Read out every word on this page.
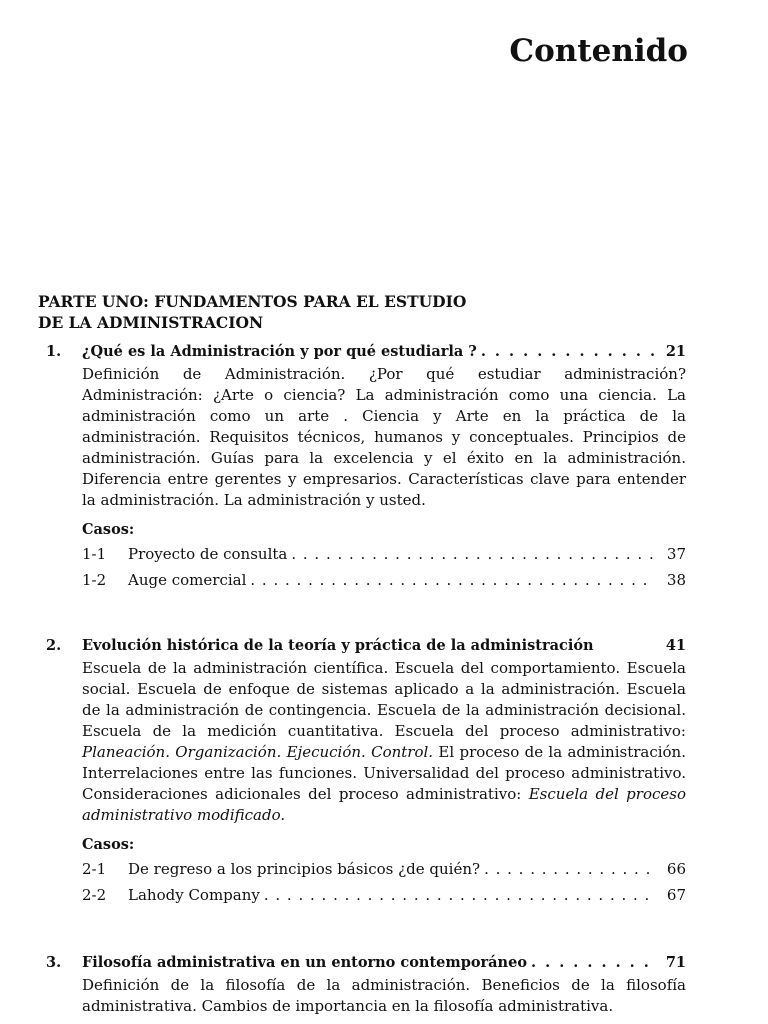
Contenido
PARTE UNO: FUNDAMENTOS PARA EL ESTUDIO
DE LA ADMINISTRACION
1.	¿Qué es la Administración y por qué estudiarla ? . . .	21

Definición de Administración. ¿Por qué estudiar administración? Administración: ¿Arte o ciencia? La administración como una ciencia. La administración como un arte . Ciencia y Arte en la práctica de la administración. Requisitos técnicos, humanos y conceptuales. Principios de administración. Guías para la excelencia y el éxito en la administración. Diferencia entre gerentes y empresarios. Características clave para entender la administración. La administración y usted.

Casos:
1-1	Proyecto de consulta . . .	37
1-2	Auge comercial . . .	38
2.	Evolución histórica de la teoría y práctica de la administración	41

Escuela de la administración científica. Escuela del comportamiento. Escuela social. Escuela de enfoque de sistemas aplicado a la administración. Escuela de la administración de contingencia. Escuela de la administración decisional. Escuela de la medición cuantitativa. Escuela del proceso administrativo: Planeación. Organización. Ejecución. Control. El proceso de la administración. Interrelaciones entre las funciones. Universalidad del proceso administrativo. Consideraciones adicionales del proceso administrativo: Escuela del proceso administrativo modificado.

Casos:
2-1	De regreso a los principios básicos ¿de quién? . . .	66
2-2	Lahody Company . . .	67
3.	Filosofía administrativa en un entorno contemporáneo . . .	71

Definición de la filosofía de la administración. Beneficios de la filosofía administrativa. Cambios de importancia en la filosofía administrativa.
